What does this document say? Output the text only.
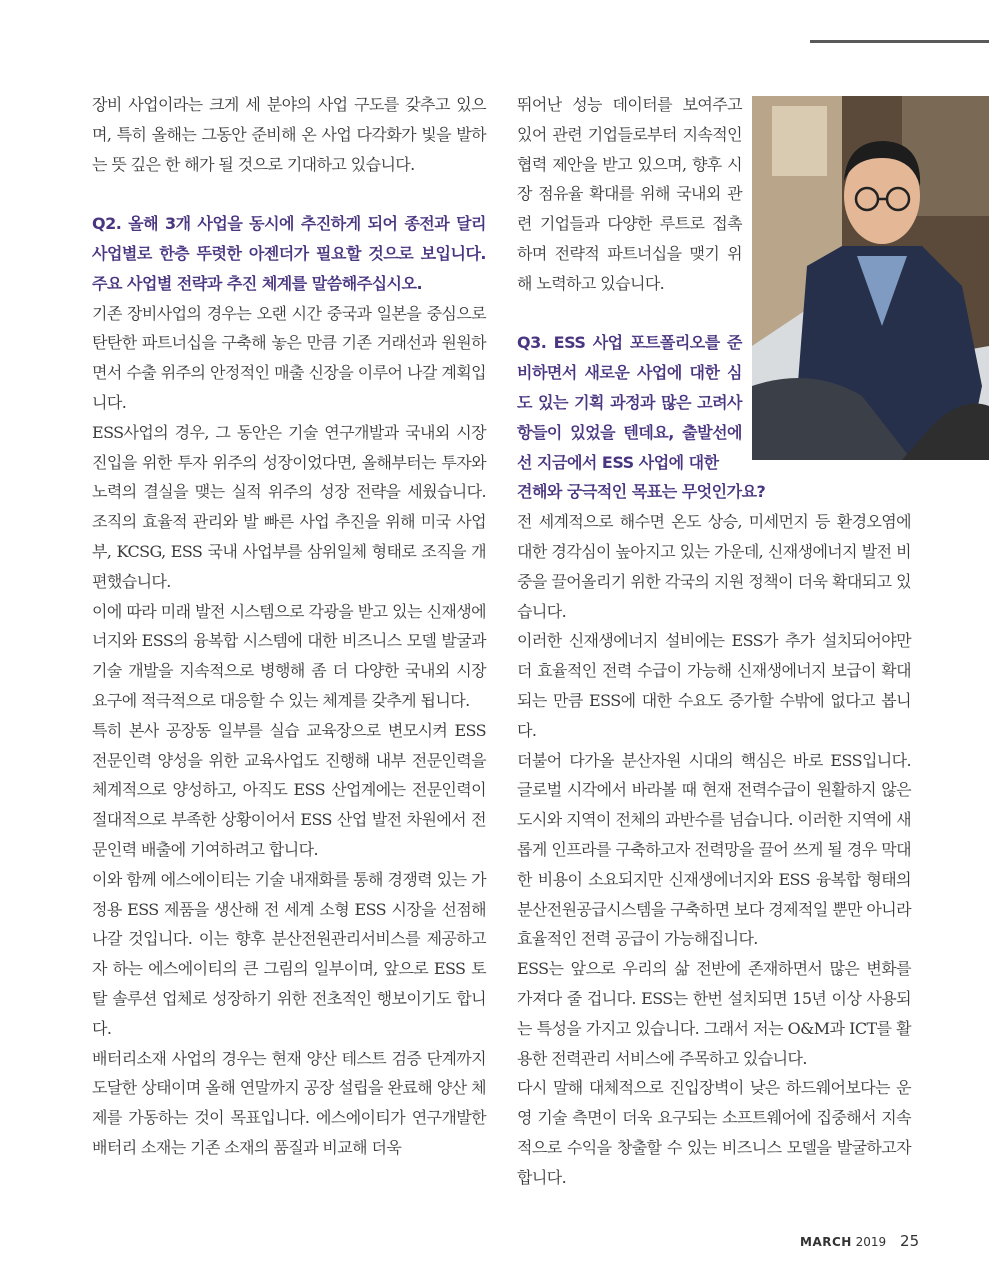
장비 사업이라는 크게 세 분야의 사업 구도를 갖추고 있으며, 특히 올해는 그동안 준비해 온 사업 다각화가 빛을 발하는 뜻 깊은 한 해가 될 것으로 기대하고 있습니다.

Q2. 올해 3개 사업을 동시에 추진하게 되어 종전과 달리 사업별로 한층 뚜렷한 아젠더가 필요할 것으로 보입니다. 주요 사업별 전략과 추진 체계를 말씀해주십시오.

기존 장비사업의 경우는 오랜 시간 중국과 일본을 중심으로 탄탄한 파트너십을 구축해 놓은 만큼 기존 거래선과 원원하면서 수출 위주의 안정적인 매출 신장을 이루어 나갈 계획입니다.

ESS사업의 경우, 그 동안은 기술 연구개발과 국내외 시장 진입을 위한 투자 위주의 성장이었다면, 올해부터는 투자와 노력의 결실을 맺는 실적 위주의 성장 전략을 세웠습니다. 조직의 효율적 관리와 발 빠른 사업 추진을 위해 미국 사업부, KCSG, ESS 국내 사업부를 삼위일체 형태로 조직을 개편했습니다.

이에 따라 미래 발전 시스템으로 각광을 받고 있는 신재생에너지와 ESS의 융복합 시스템에 대한 비즈니스 모델 발굴과 기술 개발을 지속적으로 병행해 좀 더 다양한 국내외 시장 요구에 적극적으로 대응할 수 있는 체계를 갖추게 됩니다.

특히 본사 공장동 일부를 실습 교육장으로 변모시켜 ESS 전문인력 양성을 위한 교육사업도 진행해 내부 전문인력을 체계적으로 양성하고, 아직도 ESS 산업계에는 전문인력이 절대적으로 부족한 상황이어서 ESS 산업 발전 차원에서 전문인력 배출에 기여하려고 합니다.

이와 함께 에스에이티는 기술 내재화를 통해 경쟁력 있는 가정용 ESS 제품을 생산해 전 세계 소형 ESS 시장을 선점해 나갈 것입니다. 이는 향후 분산전원관리서비스를 제공하고자 하는 에스에이티의 큰 그림의 일부이며, 앞으로 ESS 토탈 솔루션 업체로 성장하기 위한 전초적인 행보이기도 합니다.

배터리소재 사업의 경우는 현재 양산 테스트 검증 단계까지 도달한 상태이며 올해 연말까지 공장 설립을 완료해 양산 체제를 가동하는 것이 목표입니다. 에스에이티가 연구개발한 배터리 소재는 기존 소재의 품질과 비교해 더욱

뛰어난 성능 데이터를 보여주고 있어 관련 기업들로부터 지속적인 협력 제안을 받고 있으며, 향후 시장 점유율 확대를 위해 국내외 관련 기업들과 다양한 루트로 접촉하며 전략적 파트너십을 맺기 위해 노력하고 있습니다.

Q3. ESS 사업 포트폴리오를 준비하면서 새로운 사업에 대한 심도 있는 기획 과정과 많은 고려사항들이 있었을 텐데요, 출발선에선 지금에서 ESS 사업에 대한

견해와 궁극적인 목표는 무엇인가요?

전 세계적으로 해수면 온도 상승, 미세먼지 등 환경오염에 대한 경각심이 높아지고 있는 가운데, 신재생에너지 발전 비중을 끌어올리기 위한 각국의 지원 정책이 더욱 확대되고 있습니다.

이러한 신재생에너지 설비에는 ESS가 추가 설치되어야만 더 효율적인 전력 수급이 가능해 신재생에너지 보급이 확대되는 만큼 ESS에 대한 수요도 증가할 수밖에 없다고 봅니다.

더불어 다가올 분산자원 시대의 핵심은 바로 ESS입니다. 글로벌 시각에서 바라볼 때 현재 전력수급이 원활하지 않은 도시와 지역이 전체의 과반수를 넘습니다. 이러한 지역에 새롭게 인프라를 구축하고자 전력망을 끌어 쓰게 될 경우 막대한 비용이 소요되지만 신재생에너지와 ESS 융복합 형태의 분산전원공급시스템을 구축하면 보다 경제적일 뿐만 아니라 효율적인 전력 공급이 가능해집니다.

ESS는 앞으로 우리의 삶 전반에 존재하면서 많은 변화를 가져다 줄 겁니다. ESS는 한번 설치되면 15년 이상 사용되는 특성을 가지고 있습니다. 그래서 저는 O&M과 ICT를 활용한 전력관리 서비스에 주목하고 있습니다.

다시 말해 대체적으로 진입장벽이 낮은 하드웨어보다는 운영 기술 측면이 더욱 요구되는 소프트웨어에 집중해서 지속적으로 수익을 창출할 수 있는 비즈니스 모델을 발굴하고자 합니다.

MARCH 2019 25
